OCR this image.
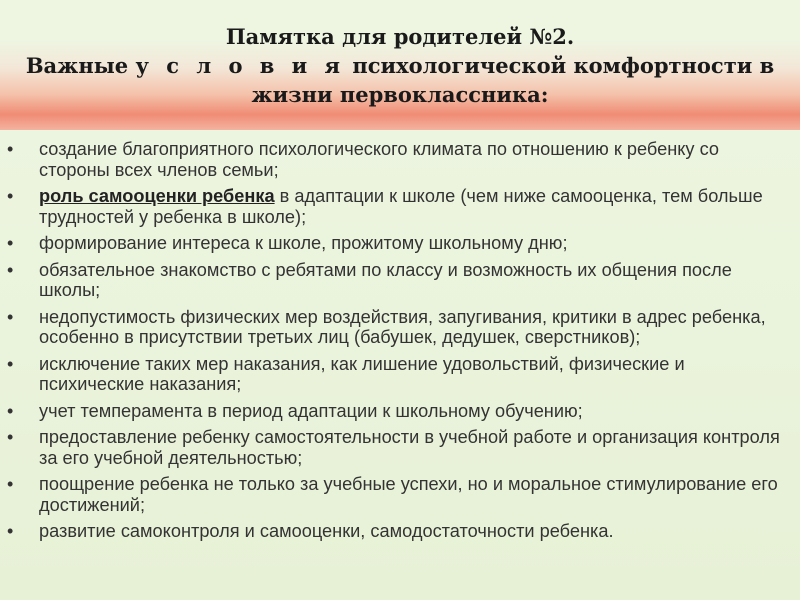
Памятка для родителей №2.
Важные у с л о в и я психологической комфортности в
жизни первоклассника:
• создание благоприятного психологического климата по отношению к ребенку со стороны всех членов семьи;
• роль самооценки ребенка в адаптации к школе (чем ниже самооценка, тем больше трудностей у ребенка в школе);
• формирование интереса к школе, прожитому школьному дню;
• обязательное знакомство с ребятами по классу и возможность их общения после школы;
• недопустимость физических мер воздействия, запугивания, критики в адрес ребенка, особенно в присутствии третьих лиц (бабушек, дедушек, сверстников);
• исключение таких мер наказания, как лишение удовольствий, физические и психические наказания;
• учет темперамента в период адаптации к школьному обучению;
• предоставление ребенку самостоятельности в учебной работе и организация контроля за его учебной деятельностью;
• поощрение ребенка не только за учебные успехи, но и моральное стимулирование его достижений;
• развитие самоконтроля и самооценки, самодостаточности ребенка.
